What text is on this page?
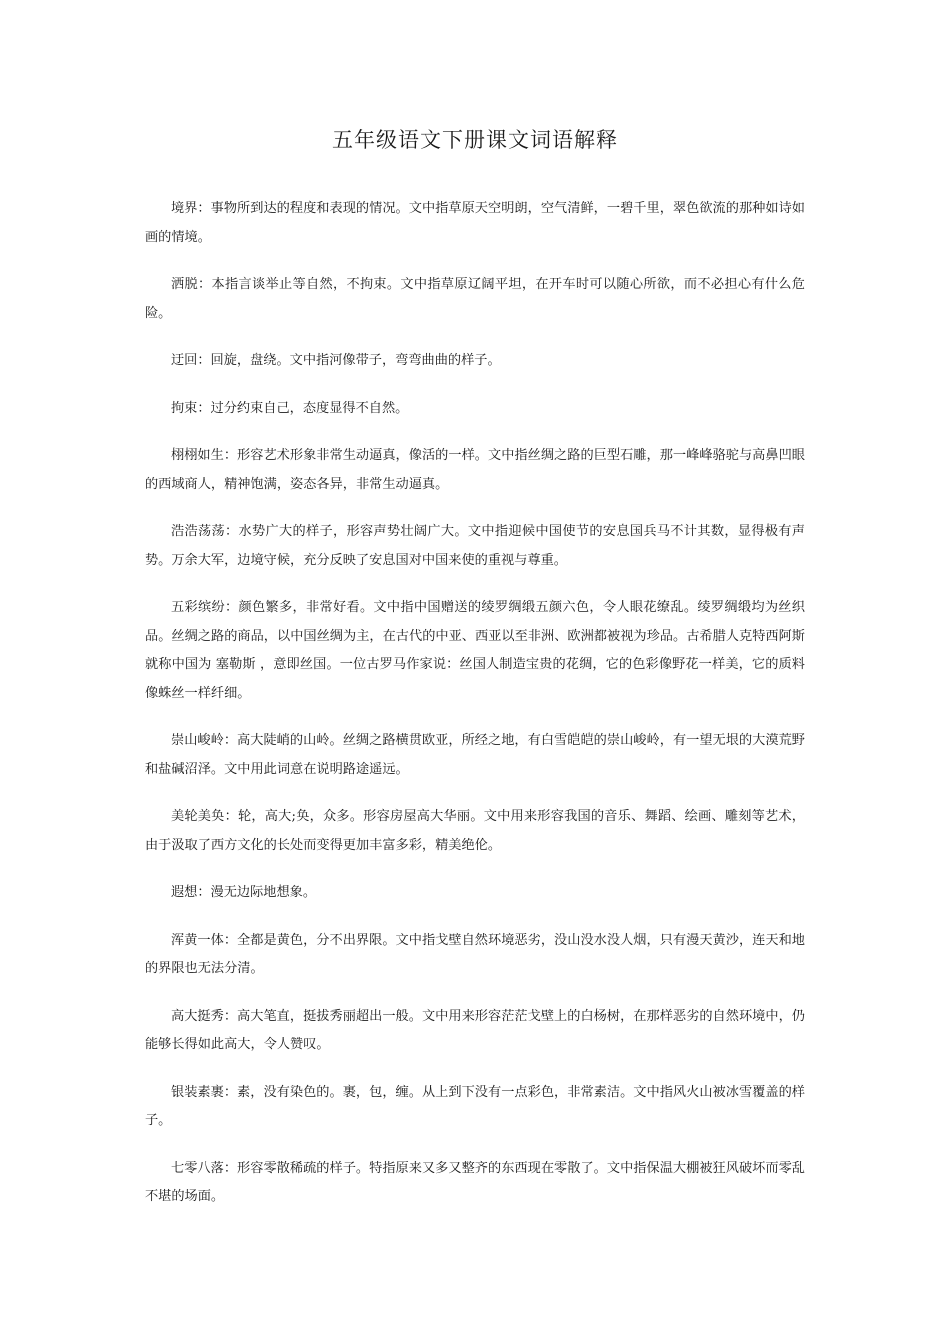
五年级语文下册课文词语解释

境界：事物所到达的程度和表现的情况。文中指草原天空明朗，空气清鲜，一碧千里，翠色欲流的那种如诗如画的情境。

洒脱：本指言谈举止等自然，不拘束。文中指草原辽阔平坦，在开车时可以随心所欲，而不必担心有什么危险。

迂回：回旋，盘绕。文中指河像带子，弯弯曲曲的样子。

拘束：过分约束自己，态度显得不自然。

栩栩如生：形容艺术形象非常生动逼真，像活的一样。文中指丝绸之路的巨型石雕，那一峰峰骆驼与高鼻凹眼的西域商人，精神饱满，姿态各异，非常生动逼真。

浩浩荡荡：水势广大的样子，形容声势壮阔广大。文中指迎候中国使节的安息国兵马不计其数，显得极有声势。万余大军，边境守候，充分反映了安息国对中国来使的重视与尊重。

五彩缤纷：颜色繁多，非常好看。文中指中国赠送的绫罗绸缎五颜六色，令人眼花缭乱。绫罗绸缎均为丝织品。丝绸之路的商品，以中国丝绸为主，在古代的中亚、西亚以至非洲、欧洲都被视为珍品。古希腊人克特西阿斯就称中国为 塞勒斯 ，意即丝国。一位古罗马作家说：丝国人制造宝贵的花绸，它的色彩像野花一样美，它的质料像蛛丝一样纤细。

崇山峻岭：高大陡峭的山岭。丝绸之路横贯欧亚，所经之地，有白雪皑皑的崇山峻岭，有一望无垠的大漠荒野和盐碱沼泽。文中用此词意在说明路途遥远。

美轮美奂：轮，高大;奂，众多。形容房屋高大华丽。文中用来形容我国的音乐、舞蹈、绘画、雕刻等艺术，由于汲取了西方文化的长处而变得更加丰富多彩，精美绝伦。

遐想：漫无边际地想象。

浑黄一体：全都是黄色，分不出界限。文中指戈壁自然环境恶劣，没山没水没人烟，只有漫天黄沙，连天和地的界限也无法分清。

高大挺秀：高大笔直，挺拔秀丽超出一般。文中用来形容茫茫戈壁上的白杨树，在那样恶劣的自然环境中，仍能够长得如此高大，令人赞叹。

银装素裹：素，没有染色的。裹，包，缠。从上到下没有一点彩色，非常素洁。文中指风火山被冰雪覆盖的样子。

七零八落：形容零散稀疏的样子。特指原来又多又整齐的东西现在零散了。文中指保温大棚被狂风破坏而零乱不堪的场面。
